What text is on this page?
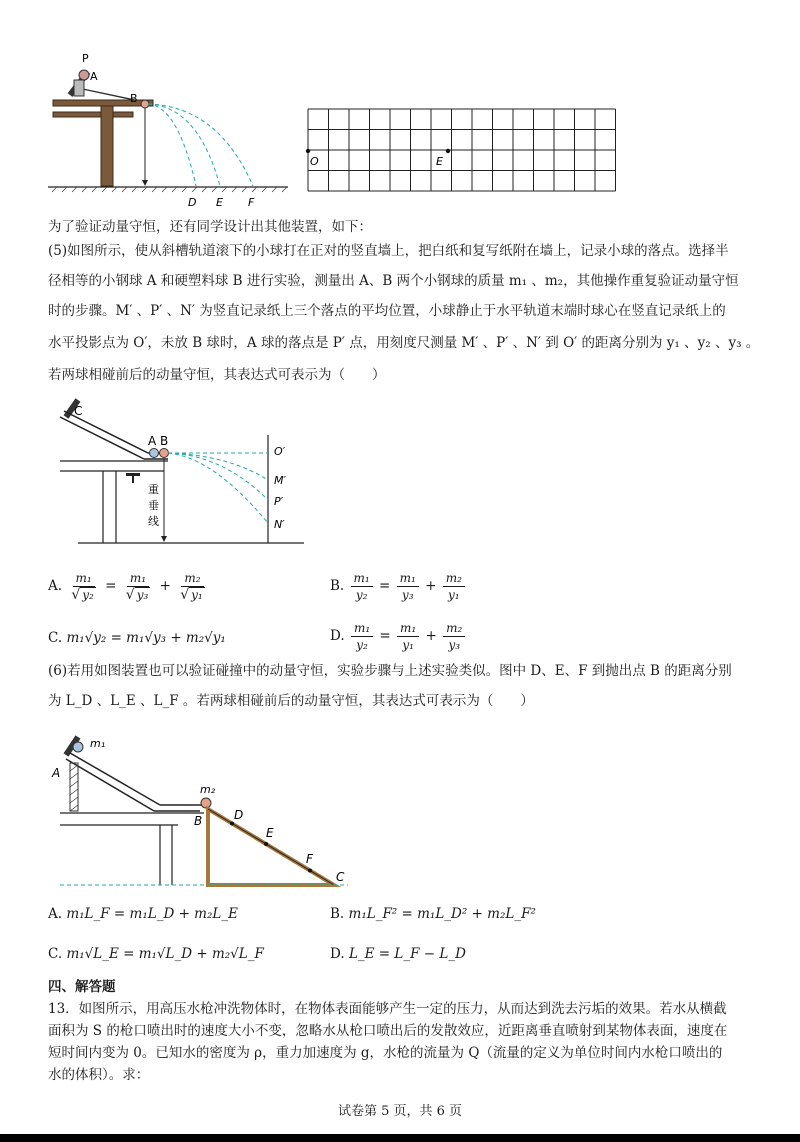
P
A
B
D E F
O	E
为了验证动量守恒，还有同学设计出其他装置，如下：
(5)如图所示，使从斜槽轨道滚下的小球打在正对的竖直墙上，把白纸和复写纸附在墙上，记录小球的落点。选择半
径相等的小钢球 A 和硬塑料球 B 进行实验，测量出 A、B 两个小钢球的质量 m₁ 、m₂，其他操作重复验证动量守恒
时的步骤。M′ 、P′ 、N′ 为竖直记录纸上三个落点的平均位置，小球静止于水平轨道末端时球心在竖直记录纸上的
水平投影点为 O′，未放 B 球时，A 球的落点是 P′ 点，用刻度尺测量 M′ 、P′ 、N′ 到 O′ 的距离分别为 y₁ 、y₂ 、y₃ 。
若两球相碰前后的动量守恒，其表达式可表示为（　　）
C
A B
O′
M′
P′
N′
重
垂
线
A. $\frac{\text{m₁}}{\text{√ y₂}} = \frac{\text{m₁}}{\text{√ y₃}} + \frac{\text{m₂}}{\text{√ y₁}}$	B. $\frac{\text{m₁}}{\text{y₂}} = \frac{\text{m₁}}{\text{y₃}} + \frac{\text{m₂}}{\text{y₁}}$
C. m₁√y₂ = m₁√y₃ + m₂√y₁	D. $\frac{\text{m₁}}{\text{y₂}} = \frac{\text{m₁}}{\text{y₁}} + \frac{\text{m₂}}{\text{y₃}}$
(6)若用如图装置也可以验证碰撞中的动量守恒，实验步骤与上述实验类似。图中 D、E、F 到抛出点 B 的距离分别
为 L_D 、L_E 、L_F 。若两球相碰前后的动量守恒，其表达式可表示为（　　）
m₁
A
m₂
B	D
E
F
C
A. m₁L_F = m₁L_D + m₂L_E	B. m₁L_F² = m₁L_D² + m₂L_F²
C. m₁√L_E = m₁√L_D + m₂√L_F	D. L_E = L_F − L_D
四、解答题
13．如图所示，用高压水枪冲洗物体时，在物体表面能够产生一定的压力，从而达到洗去污垢的效果。若水从横截
面积为 S 的枪口喷出时的速度大小不变，忽略水从枪口喷出后的发散效应，近距离垂直喷射到某物体表面，速度在
短时间内变为 0。已知水的密度为 ρ，重力加速度为 g，水枪的流量为 Q（流量的定义为单位时间内水枪口喷出的
水的体积）。求：
试卷第 5 页，共 6 页
